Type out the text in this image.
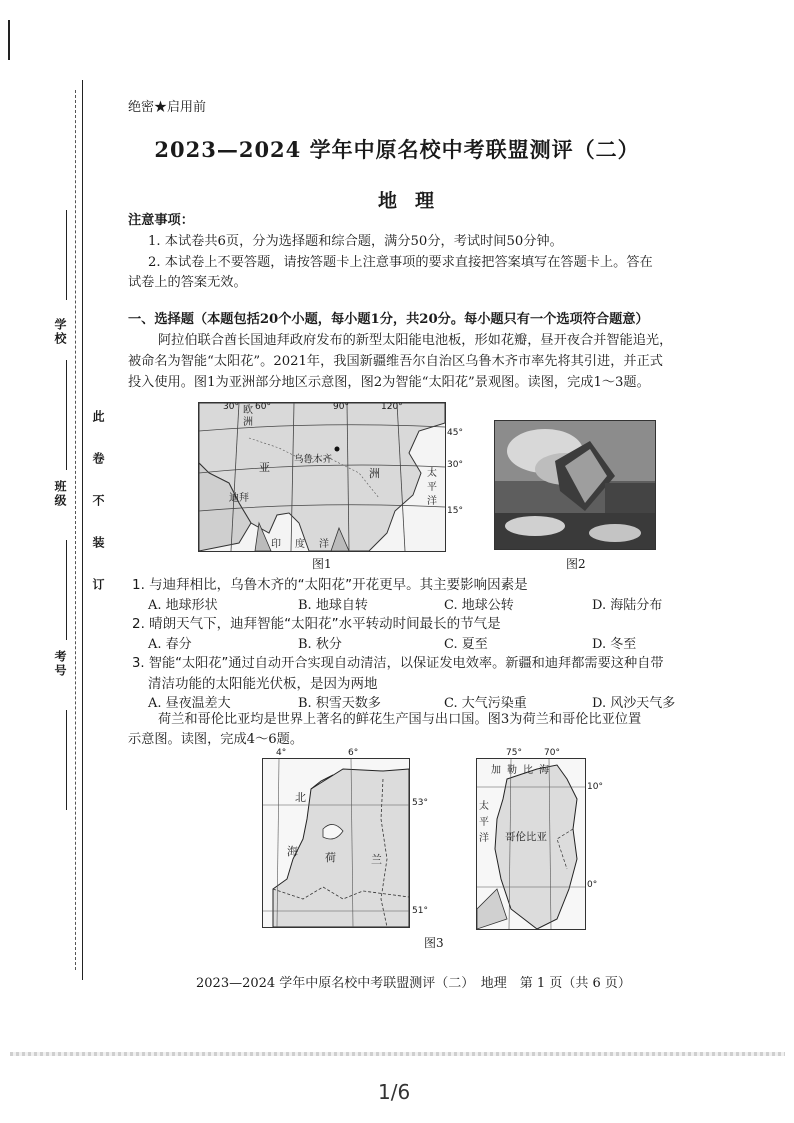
学校
班级
考号
此卷不装订
绝密★启用前
2023—2024 学年中原名校中考联盟测评（二）
地理
注意事项：
1. 本试卷共6页，分为选择题和综合题，满分50分，考试时间50分钟。
2. 本试卷上不要答题，请按答题卡上注意事项的要求直接把答案填写在答题卡上。答在
试卷上的答案无效。
一、选择题（本题包括20个小题，每小题1分，共20分。每小题只有一个选项符合题意）
阿拉伯联合酋长国迪拜政府发布的新型太阳能电池板，形如花瓣，昼开夜合并智能追光，
被命名为智能“太阳花”。2021年，我国新疆维吾尔自治区乌鲁木齐市率先将其引进，并正式
投入使用。图1为亚洲部分地区示意图，图2为智能“太阳花”景观图。读图，完成1～3题。
30° 60°	90°	120°
欧洲
亚
乌鲁木齐
洲
迪拜
印度洋
太平洋
45°
30°
15°
图1	图2
1. 与迪拜相比，乌鲁木齐的“太阳花”开花更早。其主要影响因素是
A. 地球形状	B. 地球自转	C. 地球公转	D. 海陆分布
2. 晴朗天气下，迪拜智能“太阳花”水平转动时间最长的节气是
A. 春分	B. 秋分	C. 夏至	D. 冬至
3. 智能“太阳花”通过自动开合实现自动清洁，以保证发电效率。新疆和迪拜都需要这种自带
清洁功能的太阳能光伏板，是因为两地
A. 昼夜温差大	B. 积雪天数多	C. 大气污染重	D. 风沙天气多
荷兰和哥伦比亚均是世界上著名的鲜花生产国与出口国。图3为荷兰和哥伦比亚位置
示意图。读图，完成4～6题。
4°	6°
北
海 荷	兰
53°
51°
75° 70°
加勒比海
哥伦比亚
太平洋
10°
0°
图3
2023—2024 学年中原名校中考联盟测评（二）　地理　第 1 页（共 6 页）
1/6
